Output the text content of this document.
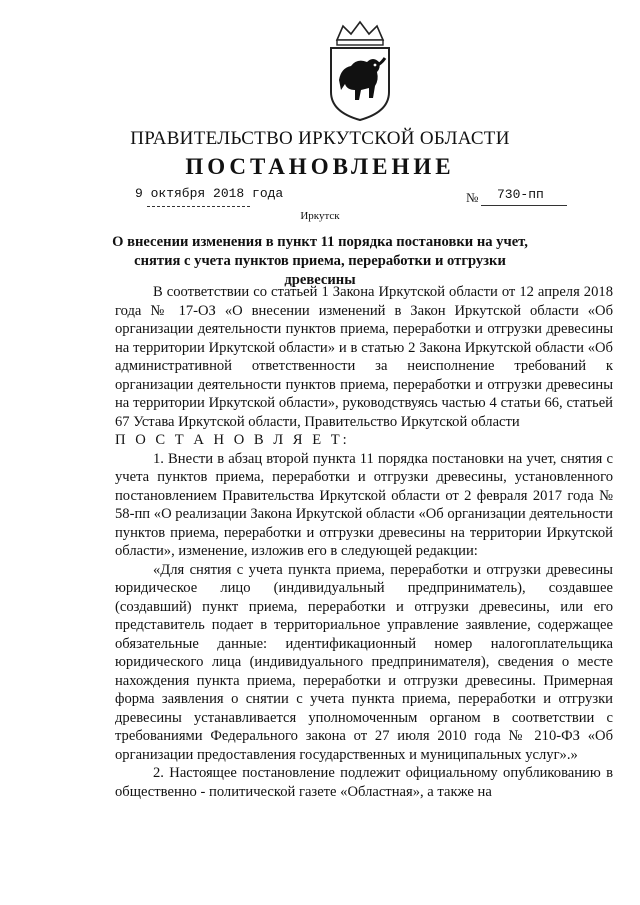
ПРАВИТЕЛЬСТВО ИРКУТСКОЙ ОБЛАСТИ
ПОСТАНОВЛЕНИЕ
9 октября 2018 года	№ 730-пп
Иркутск
О внесении изменения в пункт 11 порядка постановки на учет, снятия с учета пунктов приема, переработки и отгрузки древесины

В соответствии со статьей 1 Закона Иркутской области от 12 апреля 2018 года № 17-ОЗ «О внесении изменений в Закон Иркутской области «Об организации деятельности пунктов приема, переработки и отгрузки древесины на территории Иркутской области» и в статью 2 Закона Иркутской области «Об административной ответственности за неисполнение требований к организации деятельности пунктов приема, переработки и отгрузки древесины на территории Иркутской области», руководствуясь частью 4 статьи 66, статьей 67 Устава Иркутской области, Правительство Иркутской области

П О С Т А Н О В Л Я Е Т:

1. Внести в абзац второй пункта 11 порядка постановки на учет, снятия с учета пунктов приема, переработки и отгрузки древесины, установленного постановлением Правительства Иркутской области от 2 февраля 2017 года № 58-пп «О реализации Закона Иркутской области «Об организации деятельности пунктов приема, переработки и отгрузки древесины на территории Иркутской области», изменение, изложив его в следующей редакции:

«Для снятия с учета пункта приема, переработки и отгрузки древесины юридическое лицо (индивидуальный предприниматель), создавшее (создавший) пункт приема, переработки и отгрузки древесины, или его представитель подает в территориальное управление заявление, содержащее обязательные данные: идентификационный номер налогоплательщика юридического лица (индивидуального предпринимателя), сведения о месте нахождения пункта приема, переработки и отгрузки древесины. Примерная форма заявления о снятии с учета пункта приема, переработки и отгрузки древесины устанавливается уполномоченным органом в соответствии с требованиями Федерального закона от 27 июля 2010 года № 210-ФЗ «Об организации предоставления государственных и муниципальных услуг».»

2. Настоящее постановление подлежит официальному опубликованию в общественно - политической газете «Областная», а также на
